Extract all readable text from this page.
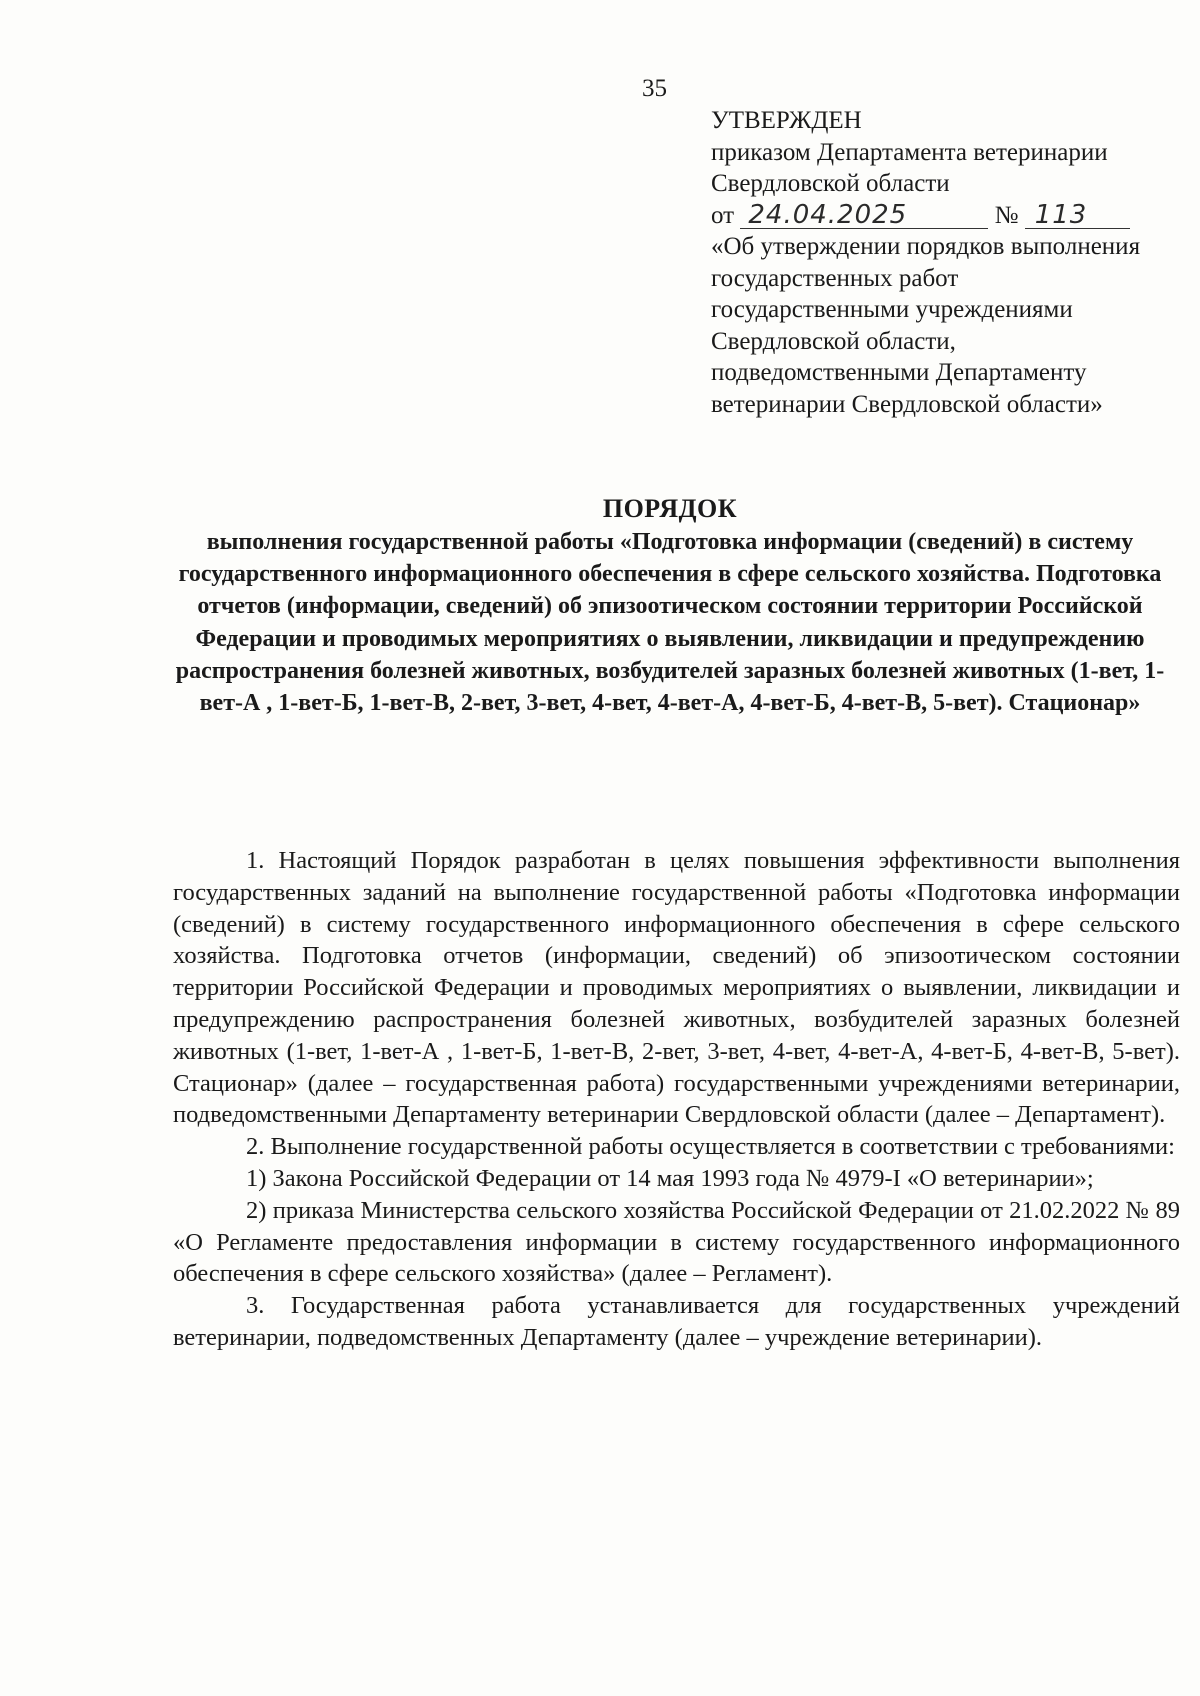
35
УТВЕРЖДЕН
приказом Департамента ветеринарии
Свердловской области
от 24.04.2025	№ 113
«Об утверждении порядков выполнения государственных работ государственными учреждениями Свердловской области, подведомственными Департаменту ветеринарии Свердловской области»
ПОРЯДОК
выполнения государственной работы «Подготовка информации (сведений) в систему государственного информационного обеспечения в сфере сельского хозяйства. Подготовка отчетов (информации, сведений) об эпизоотическом состоянии территории Российской Федерации и проводимых мероприятиях о выявлении, ликвидации и предупреждению распространения болезней животных, возбудителей заразных болезней животных (1-вет, 1-вет-А , 1-вет-Б, 1-вет-В, 2-вет, 3-вет, 4-вет, 4-вет-А, 4-вет-Б, 4-вет-В, 5-вет). Стационар»

1. Настоящий Порядок разработан в целях повышения эффективности выполнения государственных заданий на выполнение государственной работы «Подготовка информации (сведений) в систему государственного информационного обеспечения в сфере сельского хозяйства. Подготовка отчетов (информации, сведений) об эпизоотическом состоянии территории Российской Федерации и проводимых мероприятиях о выявлении, ликвидации и предупреждению распространения болезней животных, возбудителей заразных болезней животных (1-вет, 1-вет-А , 1-вет-Б, 1-вет-В, 2-вет, 3-вет, 4-вет, 4-вет-А, 4-вет-Б, 4-вет-В, 5-вет). Стационар» (далее – государственная работа) государственными учреждениями ветеринарии, подведомственными Департаменту ветеринарии Свердловской области (далее – Департамент).

2. Выполнение государственной работы осуществляется в соответствии с требованиями:

1) Закона Российской Федерации от 14 мая 1993 года № 4979-I «О ветеринарии»;

2) приказа Министерства сельского хозяйства Российской Федерации от 21.02.2022 № 89 «О Регламенте предоставления информации в систему государственного информационного обеспечения в сфере сельского хозяйства» (далее – Регламент).

3. Государственная работа устанавливается для государственных учреждений ветеринарии, подведомственных Департаменту (далее – учреждение ветеринарии).
